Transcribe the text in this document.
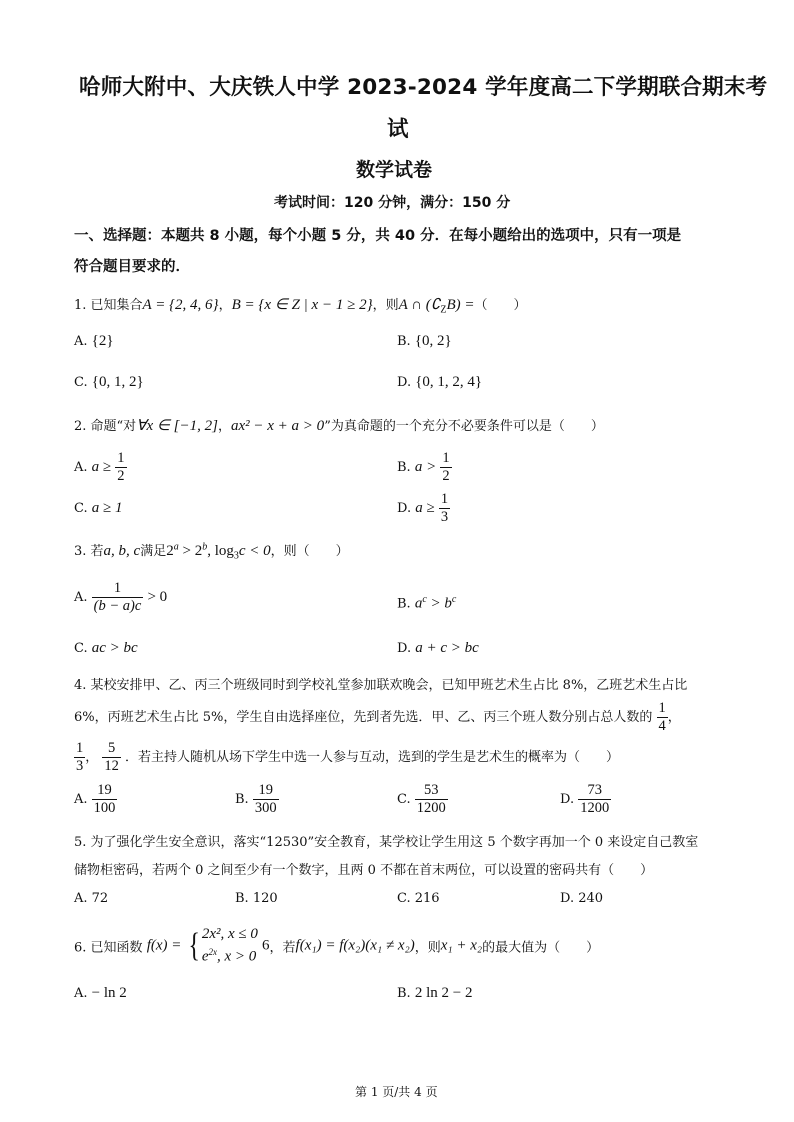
哈师大附中、大庆铁人中学 2023-2024 学年度高二下学期联合期末考
试
数学试卷
考试时间：120 分钟，满分：150 分
一、选择题：本题共 8 小题，每个小题 5 分，共 40 分．在每小题给出的选项中，只有一项是
符合题目要求的．
1. 已知集合A = {2, 4, 6}，B = {x ∈ Z | x − 1 ≥ 2}，则A ∩ $(∁_ZB)$ =（　　）
A. {2}	B. {0, 2}
C. {0, 1, 2}	D. {0, 1, 2, 4}
2. 命题“对∀x ∈ [−1, 2]，ax² − x + a > 0”为真命题的一个充分不必要条件可以是（　　）
A. $a \ge \frac{1}{2}$	B. $a > \frac{1}{2}$
C. a ≥ 1	D. $a \ge \frac{1}{3}$
3. 若a, b, c满足$2^a > 2^b$, $\log_3c < 0$，则（　　）
A. $\frac{1}{(b - a)c} > 0$	B. $a^c > b^c$
C. ac > bc	D. a + c > bc
4. 某校安排甲、乙、丙三个班级同时到学校礼堂参加联欢晚会，已知甲班艺术生占比 8%，乙班艺术生占比
6%，丙班艺术生占比 5%，学生自由选择座位，先到者先选．甲、乙、丙三个班人数分别占总人数的 $\frac{1}{4}$ ，
$\frac{1}{3}$ ， $\frac{5}{12}$ ．若主持人随机从场下学生中选一人参与互动，选到的学生是艺术生的概率为（　　）
A. $\frac{19}{100}$	B. $\frac{19}{300}$	C. $\frac{53}{1200}$	D. $\frac{73}{1200}$
5. 为了强化学生安全意识，落实“12530”安全教育，某学校让学生用这 5 个数字再加一个 0 来设定自己教室
储物柜密码，若两个 0 之间至少有一个数字，且两 0 不都在首末两位，可以设置的密码共有（　　）
A. 72	B. 120	C. 216	D. 240
6. 已知函数 f(x) = { 2x², x ≤ 0
$e^{2x}$, x > 0
6，若f(x₁) = f(x₂)(x₁ ≠ x₂)，则x₁ + x₂的最大值为（　　）
A. − ln 2	B. 2 ln 2 − 2
第 1 页/共 4 页
